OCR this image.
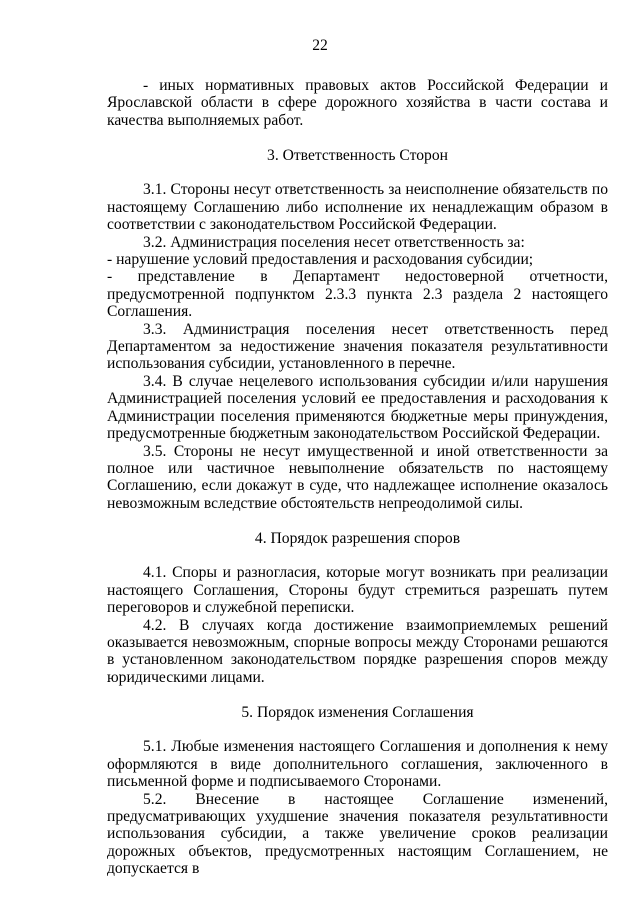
22

- иных нормативных правовых актов Российской Федерации и Ярославской области в сфере дорожного хозяйства в части состава и качества выполняемых работ.

3. Ответственность Сторон

3.1. Стороны несут ответственность за неисполнение обязательств по настоящему Соглашению либо исполнение их ненадлежащим образом в соответствии с законодательством Российской Федерации.

3.2. Администрация поселения несет ответственность за:

- нарушение условий предоставления и расходования субсидии;

- представление в Департамент недостоверной отчетности, предусмотренной подпунктом 2.3.3 пункта 2.3 раздела 2 настоящего Соглашения.

3.3. Администрация поселения несет ответственность перед Департаментом за недостижение значения показателя результативности использования субсидии, установленного в перечне.

3.4. В случае нецелевого использования субсидии и/или нарушения Администрацией поселения условий ее предоставления и расходования к Администрации поселения применяются бюджетные меры принуждения, предусмотренные бюджетным законодательством Российской Федерации.

3.5. Стороны не несут имущественной и иной ответственности за полное или частичное невыполнение обязательств по настоящему Соглашению, если докажут в суде, что надлежащее исполнение оказалось невозможным вследствие обстоятельств непреодолимой силы.

4. Порядок разрешения споров

4.1. Споры и разногласия, которые могут возникать при реализации настоящего Соглашения, Стороны будут стремиться разрешать путем переговоров и служебной переписки.

4.2. В случаях когда достижение взаимоприемлемых решений оказывается невозможным, спорные вопросы между Сторонами решаются в установленном законодательством порядке разрешения споров между юридическими лицами.

5. Порядок изменения Соглашения

5.1. Любые изменения настоящего Соглашения и дополнения к нему оформляются в виде дополнительного соглашения, заключенного в письменной форме и подписываемого Сторонами.

5.2. Внесение в настоящее Соглашение изменений, предусматривающих ухудшение значения показателя результативности использования субсидии, а также увеличение сроков реализации дорожных объектов, предусмотренных настоящим Соглашением, не допускается в
